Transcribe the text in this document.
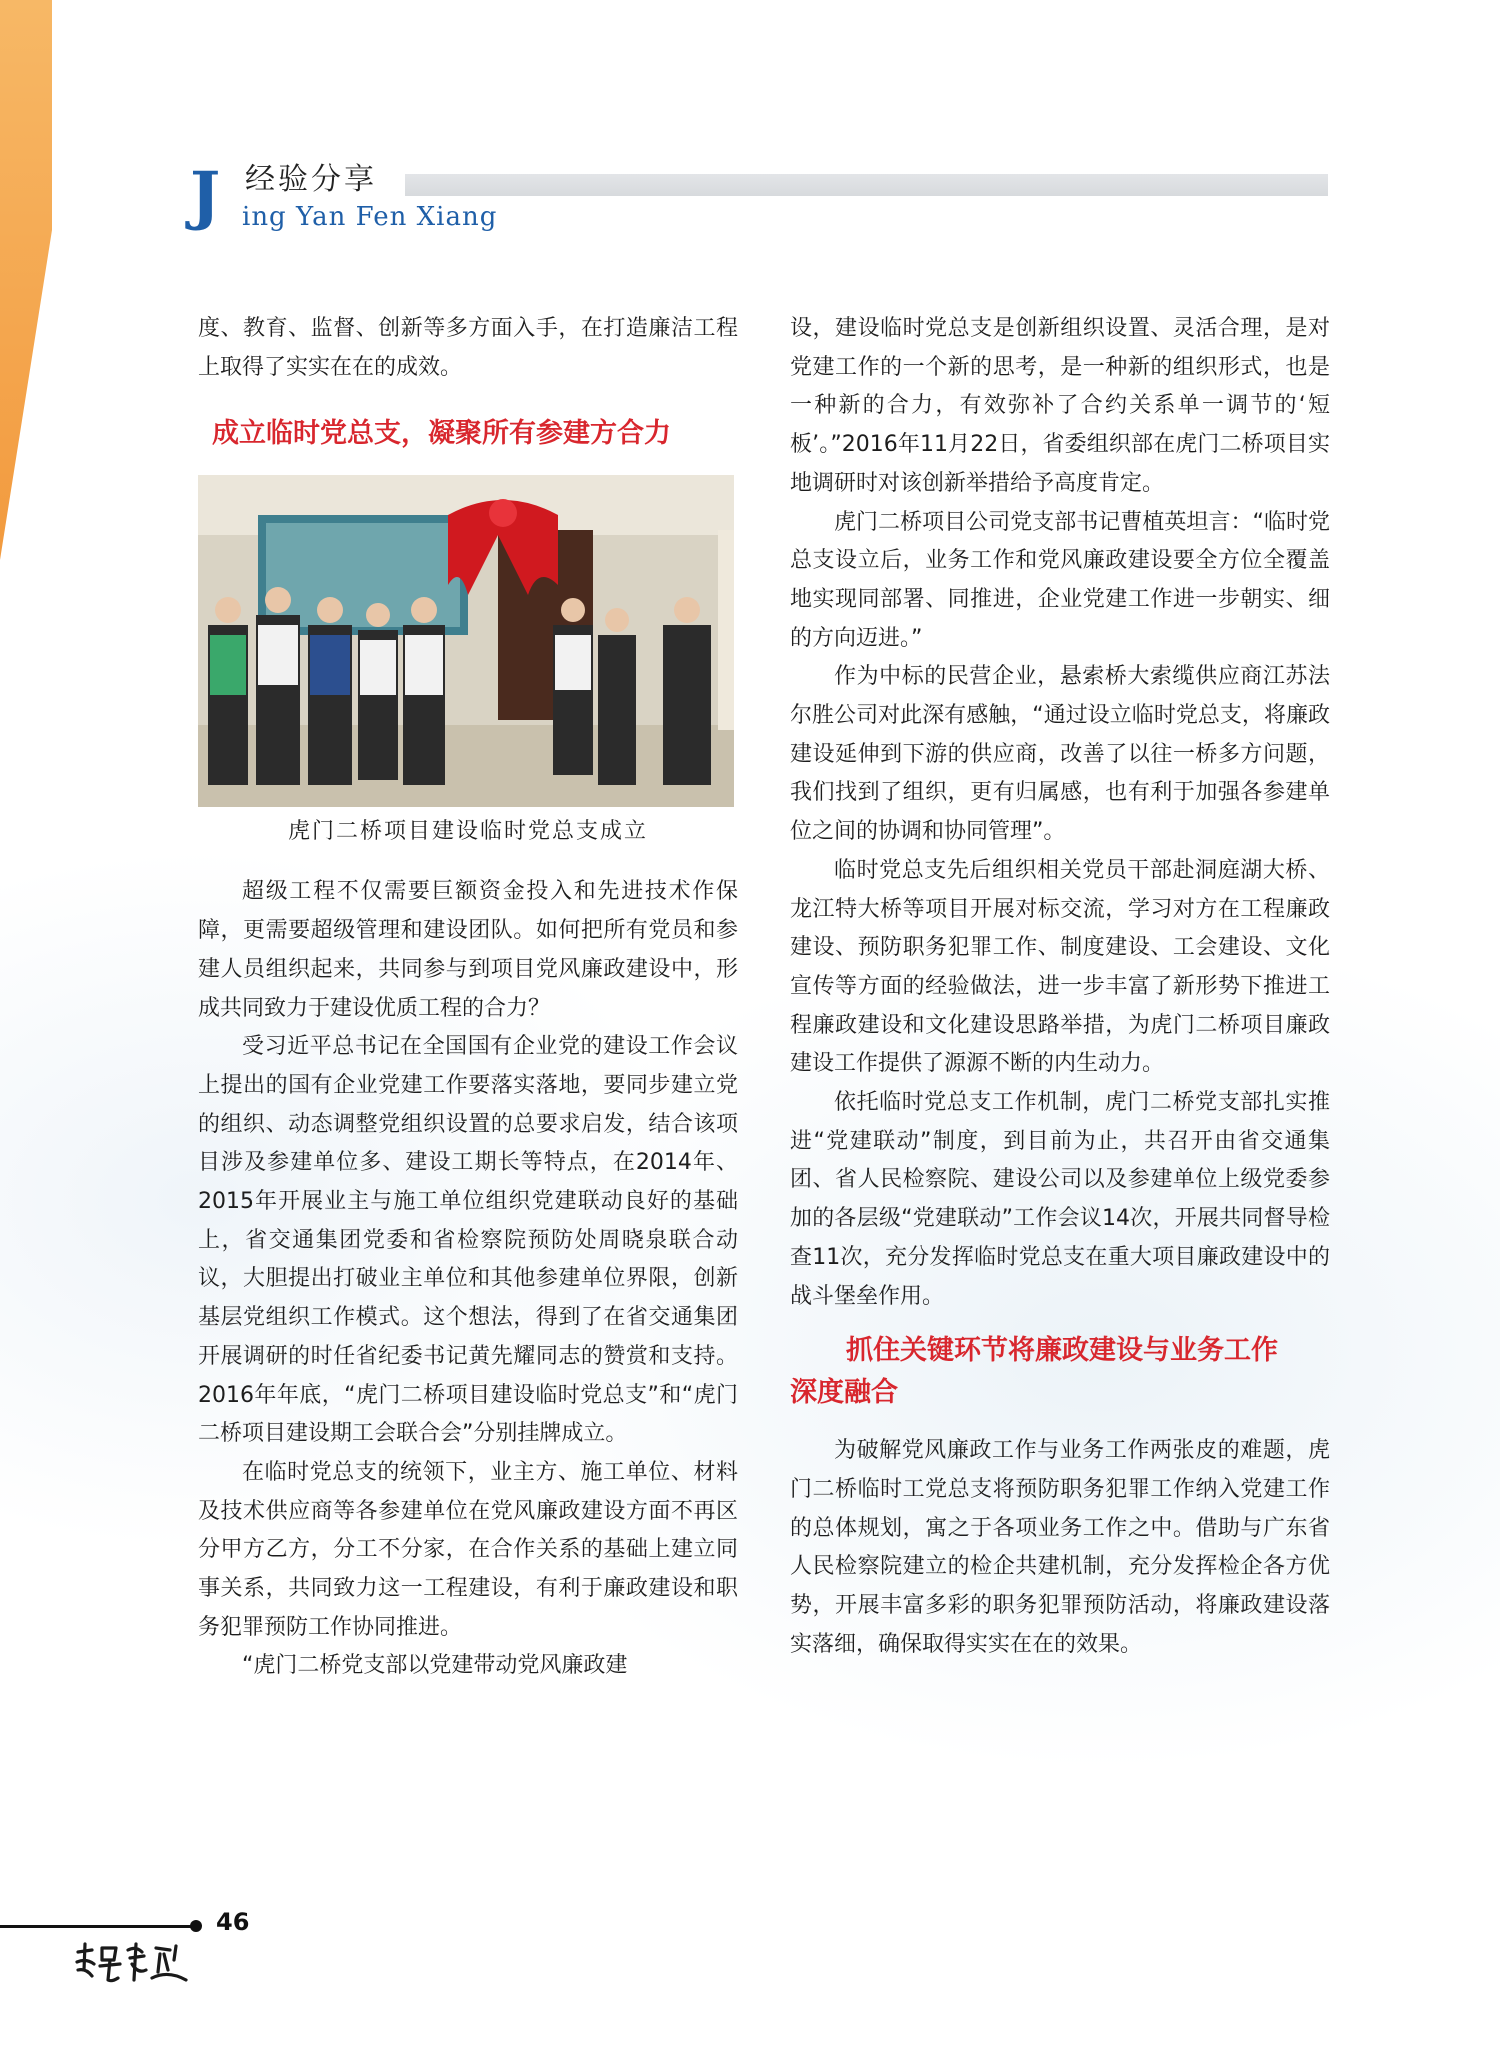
J 经验分享
ing Yan Fen Xiang

度、教育、监督、创新等多方面入手，在打造廉洁工程上取得了实实在在的成效。

成立临时党总支，凝聚所有参建方合力
虎门二桥项目建设临时党总支成立

超级工程不仅需要巨额资金投入和先进技术作保障，更需要超级管理和建设团队。如何把所有党员和参建人员组织起来，共同参与到项目党风廉政建设中，形成共同致力于建设优质工程的合力？

受习近平总书记在全国国有企业党的建设工作会议上提出的国有企业党建工作要落实落地，要同步建立党的组织、动态调整党组织设置的总要求启发，结合该项目涉及参建单位多、建设工期长等特点，在2014年、2015年开展业主与施工单位组织党建联动良好的基础上，省交通集团党委和省检察院预防处周晓泉联合动议，大胆提出打破业主单位和其他参建单位界限，创新基层党组织工作模式。这个想法，得到了在省交通集团开展调研的时任省纪委书记黄先耀同志的赞赏和支持。2016年年底，“虎门二桥项目建设临时党总支”和“虎门二桥项目建设期工会联合会”分别挂牌成立。

在临时党总支的统领下，业主方、施工单位、材料及技术供应商等各参建单位在党风廉政建设方面不再区分甲方乙方，分工不分家，在合作关系的基础上建立同事关系，共同致力这一工程建设，有利于廉政建设和职务犯罪预防工作协同推进。

“虎门二桥党支部以党建带动党风廉政建

设，建设临时党总支是创新组织设置、灵活合理，是对党建工作的一个新的思考，是一种新的组织形式，也是一种新的合力，有效弥补了合约关系单一调节的‘短板’。”2016年11月22日，省委组织部在虎门二桥项目实地调研时对该创新举措给予高度肯定。

虎门二桥项目公司党支部书记曹植英坦言：“临时党总支设立后，业务工作和党风廉政建设要全方位全覆盖地实现同部署、同推进，企业党建工作进一步朝实、细的方向迈进。”

作为中标的民营企业，悬索桥大索缆供应商江苏法尔胜公司对此深有感触，“通过设立临时党总支，将廉政建设延伸到下游的供应商，改善了以往一桥多方问题，我们找到了组织，更有归属感，也有利于加强各参建单位之间的协调和协同管理”。

临时党总支先后组织相关党员干部赴洞庭湖大桥、龙江特大桥等项目开展对标交流，学习对方在工程廉政建设、预防职务犯罪工作、制度建设、工会建设、文化宣传等方面的经验做法，进一步丰富了新形势下推进工程廉政建设和文化建设思路举措，为虎门二桥项目廉政建设工作提供了源源不断的内生动力。

依托临时党总支工作机制，虎门二桥党支部扎实推进“党建联动”制度，到目前为止，共召开由省交通集团、省人民检察院、建设公司以及参建单位上级党委参加的各层级“党建联动”工作会议14次，开展共同督导检查11次，充分发挥临时党总支在重大项目廉政建设中的战斗堡垒作用。

抓住关键环节将廉政建设与业务工作
深度融合

为破解党风廉政工作与业务工作两张皮的难题，虎门二桥临时工党总支将预防职务犯罪工作纳入党建工作的总体规划，寓之于各项业务工作之中。借助与广东省人民检察院建立的检企共建机制，充分发挥检企各方优势，开展丰富多彩的职务犯罪预防活动，将廉政建设落实落细，确保取得实实在在的效果。

46
